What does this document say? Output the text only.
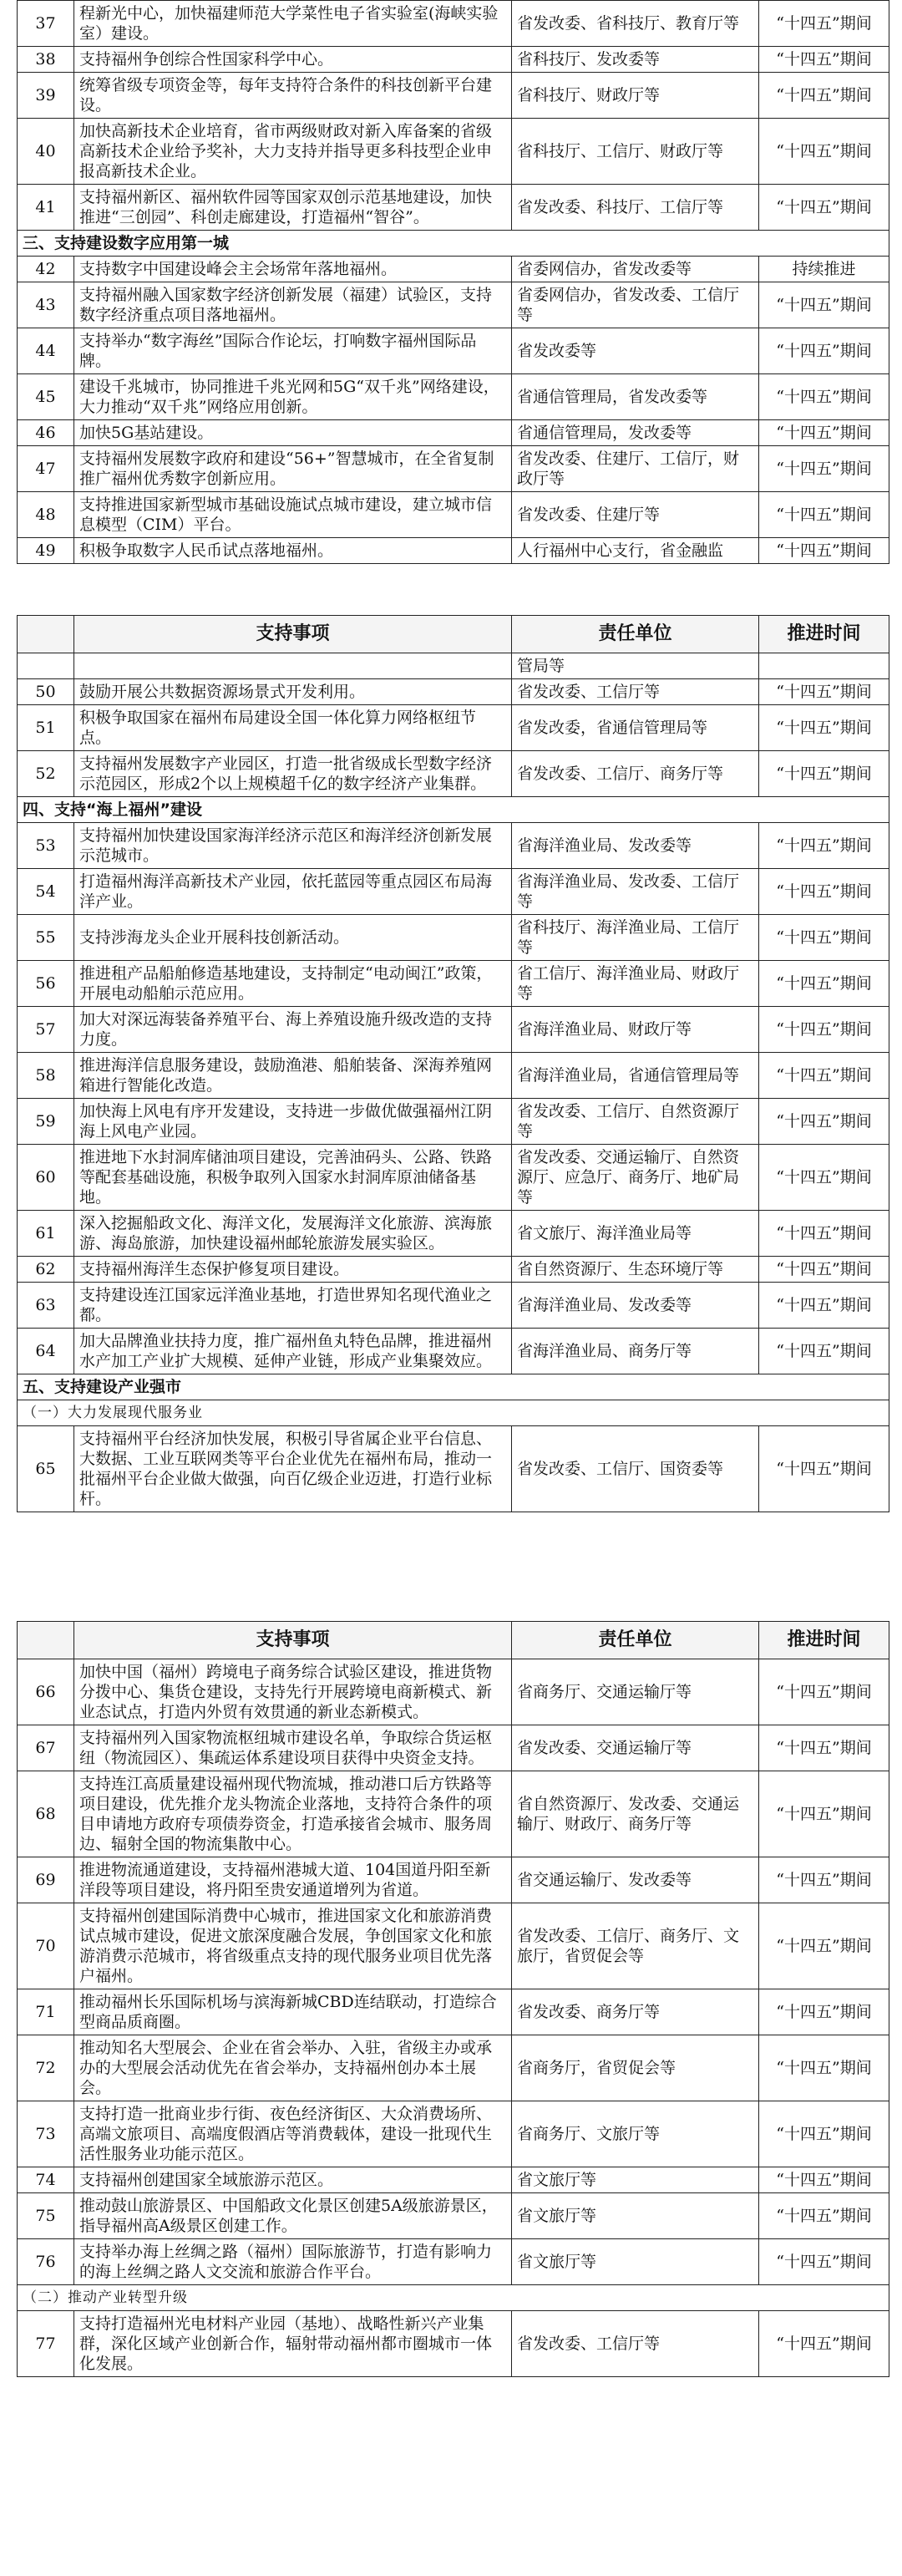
37	程新光中心，加快福建师范大学菜性电子省实验室(海峡实验室）建设。	省发改委、省科技厅、教育厅等	“十四五”期间
38	支持福州争创综合性国家科学中心。	省科技厅、发改委等	“十四五”期间
39	统筹省级专项资金等，每年支持符合条件的科技创新平台建设。	省科技厅、财政厅等	“十四五”期间
40	加快高新技术企业培育，省市两级财政对新入库备案的省级高新技术企业给予奖补，大力支持并指导更多科技型企业申报高新技术企业。	省科技厅、工信厅、财政厅等	“十四五”期间
41	支持福州新区、福州软件园等国家双创示范基地建设，加快推进“三创园”、科创走廊建设，打造福州“智谷”。	省发改委、科技厅、工信厅等	“十四五”期间
三、支持建设数字应用第一城			
42	支持数字中国建设峰会主会场常年落地福州。	省委网信办，省发改委等	持续推进
43	支持福州融入国家数字经济创新发展（福建）试验区，支持数字经济重点项目落地福州。	省委网信办，省发改委、工信厅等	“十四五”期间
44	支持举办“数字海丝”国际合作论坛，打响数字福州国际品牌。	省发改委等	“十四五”期间
45	建设千兆城市，协同推进千兆光网和5G“双千兆”网络建设，大力推动“双千兆”网络应用创新。	省通信管理局，省发改委等	“十四五”期间
46	加快5G基站建设。	省通信管理局，发改委等	“十四五”期间
47	支持福州发展数字政府和建设“56+”智慧城市，在全省复制推广福州优秀数字创新应用。	省发改委、住建厅、工信厅，财政厅等	“十四五”期间
48	支持推进国家新型城市基础设施试点城市建设，建立城市信息模型（CIM）平台。	省发改委、住建厅等	“十四五”期间
49	积极争取数字人民币试点落地福州。	人行福州中心支行，省金融监	“十四五”期间
	支持事项	责任单位	推进时间
		管局等	
50	鼓励开展公共数据资源场景式开发利用。	省发改委、工信厅等	“十四五”期间
51	积极争取国家在福州布局建设全国一体化算力网络枢纽节点。	省发改委，省通信管理局等	“十四五”期间
52	支持福州发展数字产业园区，打造一批省级成长型数字经济示范园区，形成2个以上规模超千亿的数字经济产业集群。	省发改委、工信厅、商务厅等	“十四五”期间
四、支持“海上福州”建设			
53	支持福州加快建设国家海洋经济示范区和海洋经济创新发展示范城市。	省海洋渔业局、发改委等	“十四五”期间
54	打造福州海洋高新技术产业园，依托蓝园等重点园区布局海洋产业。	省海洋渔业局、发改委、工信厅等	“十四五”期间
55	支持涉海龙头企业开展科技创新活动。	省科技厅、海洋渔业局、工信厅等	“十四五”期间
56	推进租产品船舶修造基地建设，支持制定“电动闽江”政策，开展电动船舶示范应用。	省工信厅、海洋渔业局、财政厅等	“十四五”期间
57	加大对深远海装备养殖平台、海上养殖设施升级改造的支持力度。	省海洋渔业局、财政厅等	“十四五”期间
58	推进海洋信息服务建设，鼓励渔港、船舶装备、深海养殖网箱进行智能化改造。	省海洋渔业局，省通信管理局等	“十四五”期间
59	加快海上风电有序开发建设，支持进一步做优做强福州江阴海上风电产业园。	省发改委、工信厅、自然资源厅等	“十四五”期间
60	推进地下水封洞库储油项目建设，完善油码头、公路、铁路等配套基础设施，积极争取列入国家水封洞库原油储备基地。	省发改委、交通运输厅、自然资源厅、应急厅、商务厅、地矿局等	“十四五”期间
61	深入挖掘船政文化、海洋文化，发展海洋文化旅游、滨海旅游、海岛旅游，加快建设福州邮轮旅游发展实验区。	省文旅厅、海洋渔业局等	“十四五”期间
62	支持福州海洋生态保护修复项目建设。	省自然资源厅、生态环境厅等	“十四五”期间
63	支持建设连江国家远洋渔业基地，打造世界知名现代渔业之都。	省海洋渔业局、发改委等	“十四五”期间
64	加大品牌渔业扶持力度，推广福州鱼丸特色品牌，推进福州水产加工产业扩大规模、延伸产业链，形成产业集聚效应。	省海洋渔业局、商务厅等	“十四五”期间
五、支持建设产业强市			
（一）大力发展现代服务业			
65	支持福州平台经济加快发展，积极引导省属企业平台信息、大数据、工业互联网类等平台企业优先在福州布局，推动一批福州平台企业做大做强，向百亿级企业迈进，打造行业标杆。	省发改委、工信厅、国资委等	“十四五”期间
	支持事项	责任单位	推进时间
66	加快中国（福州）跨境电子商务综合试验区建设，推进货物分拨中心、集货仓建设，支持先行开展跨境电商新模式、新业态试点，打造内外贸有效贯通的新业态新模式。	省商务厅、交通运输厅等	“十四五”期间
67	支持福州列入国家物流枢纽城市建设名单，争取综合货运枢纽（物流园区）、集疏运体系建设项目获得中央资金支持。	省发改委、交通运输厅等	“十四五”期间
68	支持连江高质量建设福州现代物流城，推动港口后方铁路等项目建设，优先推介龙头物流企业落地，支持符合条件的项目申请地方政府专项债券资金，打造承接省会城市、服务周边、辐射全国的物流集散中心。	省自然资源厅、发改委、交通运输厅、财政厅、商务厅等	“十四五”期间
69	推进物流通道建设，支持福州港城大道、104国道丹阳至新洋段等项目建设，将丹阳至贵安通道增列为省道。	省交通运输厅、发改委等	“十四五”期间
70	支持福州创建国际消费中心城市，推进国家文化和旅游消费试点城市建设，促进文旅深度融合发展，争创国家文化和旅游消费示范城市，将省级重点支持的现代服务业项目优先落户福州。	省发改委、工信厅、商务厅、文旅厅，省贸促会等	“十四五”期间
71	推动福州长乐国际机场与滨海新城CBD连结联动，打造综合型商品质商圈。	省发改委、商务厅等	“十四五”期间
72	推动知名大型展会、企业在省会举办、入驻，省级主办或承办的大型展会活动优先在省会举办，支持福州创办本土展会。	省商务厅，省贸促会等	“十四五”期间
73	支持打造一批商业步行街、夜色经济街区、大众消费场所、高端文旅项目、高端度假酒店等消费载体，建设一批现代生活性服务业功能示范区。	省商务厅、文旅厅等	“十四五”期间
74	支持福州创建国家全域旅游示范区。	省文旅厅等	“十四五”期间
75	推动鼓山旅游景区、中国船政文化景区创建5A级旅游景区，指导福州高A级景区创建工作。	省文旅厅等	“十四五”期间
76	支持举办海上丝绸之路（福州）国际旅游节，打造有影响力的海上丝绸之路人文交流和旅游合作平台。	省文旅厅等	“十四五”期间
（二）推动产业转型升级			
77	支持打造福州光电材料产业园（基地）、战略性新兴产业集群，深化区域产业创新合作，辐射带动福州都市圈城市一体化发展。	省发改委、工信厅等	“十四五”期间
